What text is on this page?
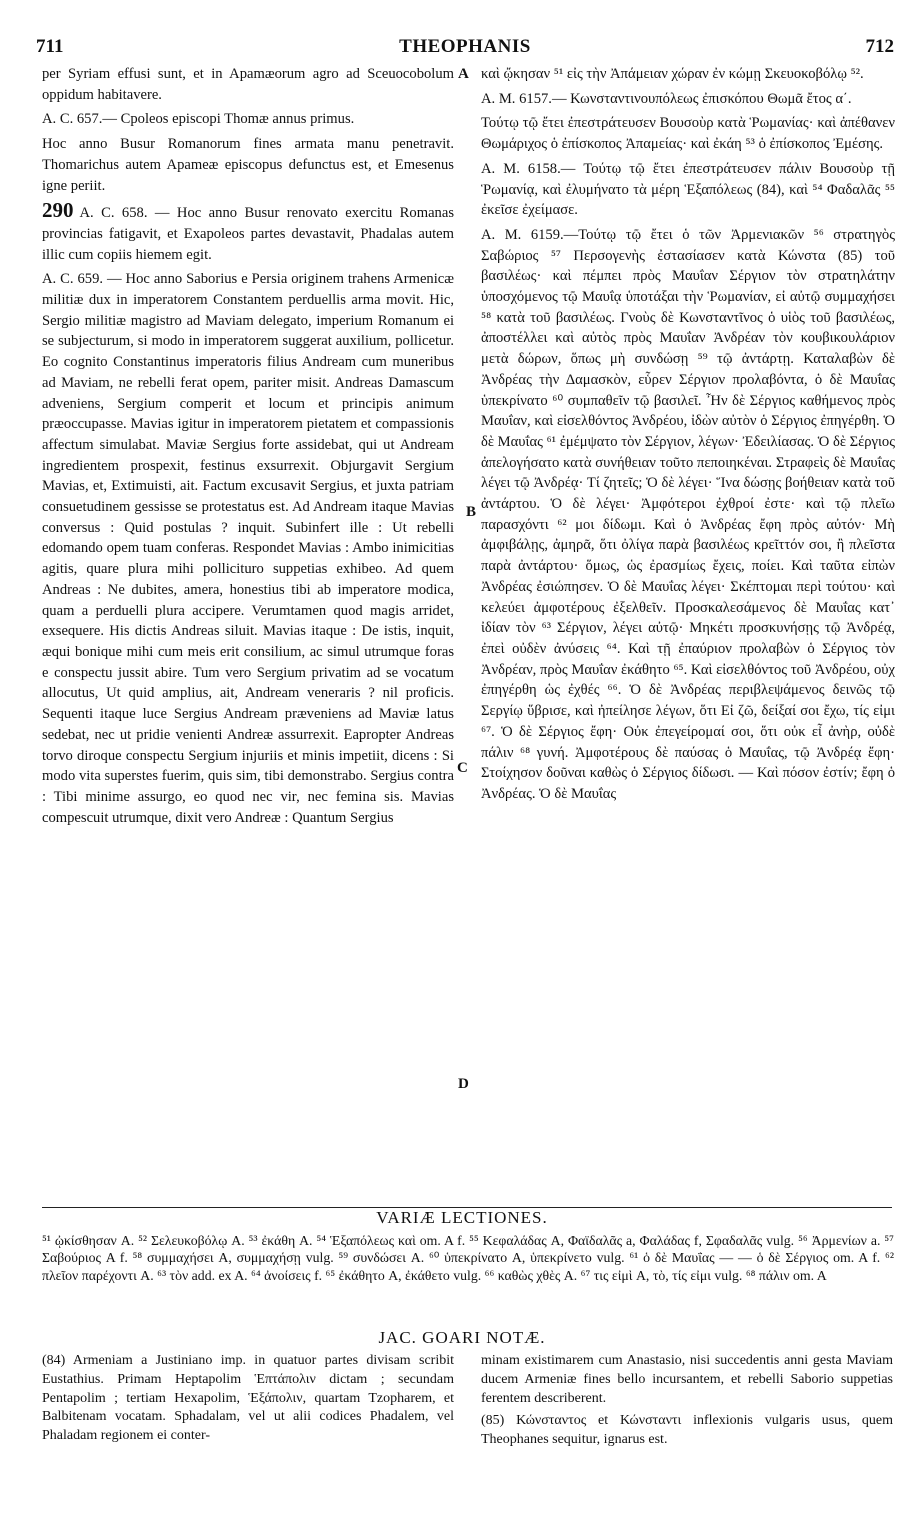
711	THEOPHANIS	712
A
B
C
D

per Syriam effusi sunt, et in Apamæorum agro ad Sceuocobolum oppidum habitavere.

A. C. 657.— Cpoleos episcopi Thomæ annus primus.

Hoc anno Busur Romanorum fines armata manu penetravit. Thomarichus autem Apameæ episcopus defunctus est, et Emesenus igne periit.

290 A. C. 658. — Hoc anno Busur renovato exercitu Romanas provincias fatigavit, et Exapoleos partes devastavit, Phadalas autem illic cum copiis hiemem egit.

A. C. 659. — Hoc anno Saborius e Persia originem trahens Armenicæ militiæ dux in imperatorem Constantem perduellis arma movit. Hic, Sergio militiæ magistro ad Maviam delegato, imperium Romanum ei se subjecturum, si modo in imperatorem suggerat auxilium, pollicetur. Eo cognito Constantinus imperatoris filius Andream cum muneribus ad Maviam, ne rebelli ferat opem, pariter misit. Andreas Damascum adveniens, Sergium comperit et locum et principis animum præoccupasse. Mavias igitur in imperatorem pietatem et compassionis affectum simulabat. Maviæ Sergius forte assidebat, qui ut Andream ingredientem prospexit, festinus exsurrexit. Objurgavit Sergium Mavias, et, Extimuisti, ait. Factum excusavit Sergius, et juxta patriam consuetudinem gessisse se protestatus est. Ad Andream itaque Mavias conversus : Quid postulas ? inquit. Subinfert ille : Ut rebelli edomando opem tuam conferas. Respondet Mavias : Ambo inimicitias agitis, quare plura mihi pollicituro suppetias exhibeo. Ad quem Andreas : Ne dubites, amera, honestius tibi ab imperatore modica, quam a perduelli plura accipere. Verumtamen quod magis arridet, exsequere. His dictis Andreas siluit. Mavias itaque : De istis, inquit, æqui bonique mihi cum meis erit consilium, ac simul utrumque foras e conspectu jussit abire. Tum vero Sergium privatim ad se vocatum allocutus, Ut quid amplius, ait, Andream veneraris ? nil proficis. Sequenti itaque luce Sergius Andream præveniens ad Maviæ latus sedebat, nec ut pridie venienti Andreæ assurrexit. Eapropter Andreas torvo diroque conspectu Sergium injuriis et minis impetiit, dicens : Si modo vita superstes fuerim, quis sim, tibi demonstrabo. Sergius contra : Tibi minime assurgo, eo quod nec vir, nec femina sis. Mavias compescuit utrumque, dixit vero Andreæ : Quantum Sergius

καὶ ᾤκησαν ⁵¹ εἰς τὴν Ἀπάμειαν χώραν ἐν κώμῃ Σκευοκοβόλῳ ⁵².

A. M. 6157.— Κωνσταντινουπόλεως ἐπισκόπου Θωμᾶ ἔτος α΄.

Τούτῳ τῷ ἔτει ἐπεστράτευσεν Βουσοὺρ κατὰ Ῥωμανίας· καὶ ἀπέθανεν Θωμάριχος ὁ ἐπίσκοπος Ἀπαμείας· καὶ ἐκάη ⁵³ ὁ ἐπίσκοπος Ἐμέσης.

A. M. 6158.— Τούτῳ τῷ ἔτει ἐπεστράτευσεν πάλιν Βουσοὺρ τῇ Ῥωμανίᾳ, καὶ ἐλυμήνατο τὰ μέρη Ἑξαπόλεως (84), καὶ ⁵⁴ Φαδαλᾶς ⁵⁵ ἐκεῖσε ἐχείμασε.

A. M. 6159.—Τούτῳ τῷ ἔτει ὁ τῶν Ἀρμενιακῶν ⁵⁶ στρατηγὸς Σαβώριος ⁵⁷ Περσογενὴς ἐστασίασεν κατὰ Κώνστα (85) τοῦ βασιλέως· καὶ πέμπει πρὸς Μαυΐαν Σέργιον τὸν στρατηλάτην ὑποσχόμενος τῷ Μαυΐᾳ ὑποτάξαι τὴν Ῥωμανίαν, εἰ αὐτῷ συμμαχήσει ⁵⁸ κατὰ τοῦ βασιλέως. Γνοὺς δὲ Κωνσταντῖνος ὁ υἱὸς τοῦ βασιλέως, ἀποστέλλει καὶ αὐτὸς πρὸς Μαυΐαν Ἀνδρέαν τὸν κουβικουλάριον μετὰ δώρων, ὅπως μὴ συνδώσῃ ⁵⁹ τῷ ἀντάρτῃ. Καταλαβὼν δὲ Ἀνδρέας τὴν Δαμασκὸν, εὗρεν Σέργιον προλαβόντα, ὁ δὲ Μαυΐας ὑπεκρίνατο ⁶⁰ συμπαθεῖν τῷ βασιλεῖ. Ἦν δὲ Σέργιος καθήμενος πρὸς Μαυΐαν, καὶ εἰσελθόντος Ἀνδρέου, ἰδὼν αὐτὸν ὁ Σέργιος ἐπηγέρθη. Ὁ δὲ Μαυΐας ⁶¹ ἐμέμψατο τὸν Σέργιον, λέγων· Ἐδειλίασας. Ὁ δὲ Σέργιος ἀπελογήσατο κατὰ συνήθειαν τοῦτο πεποιηκέναι. Στραφεὶς δὲ Μαυΐας λέγει τῷ Ἀνδρέᾳ· Τί ζητεῖς; Ὁ δὲ λέγει· Ἵνα δώσῃς βοήθειαν κατὰ τοῦ ἀντάρτου. Ὁ δὲ λέγει· Ἀμφότεροι ἐχθροί ἐστε· καὶ τῷ πλεῖω παρασχόντι ⁶² μοι δίδωμι. Καὶ ὁ Ἀνδρέας ἔφη πρὸς αὐτόν· Μὴ ἀμφιβάλῃς, ἀμηρᾶ, ὅτι ὀλίγα παρὰ βασιλέως κρεῖττόν σοι, ἢ πλεῖστα παρὰ ἀντάρτου· ὅμως, ὡς ἐρασμίως ἔχεις, ποίει. Καὶ ταῦτα εἰπὼν Ἀνδρέας ἐσιώπησεν. Ὁ δὲ Μαυΐας λέγει· Σκέπτομαι περὶ τούτου· καὶ κελεύει ἀμφοτέρους ἐξελθεῖν. Προσκαλεσάμενος δὲ Μαυΐας κατ᾽ ἰδίαν τὸν ⁶³ Σέργιον, λέγει αὐτῷ· Μηκέτι προσκυνήσῃς τῷ Ἀνδρέᾳ, ἐπεὶ οὐδὲν ἀνύσεις ⁶⁴. Καὶ τῇ ἐπαύριον προλαβὼν ὁ Σέργιος τὸν Ἀνδρέαν, πρὸς Μαυΐαν ἐκάθητο ⁶⁵. Καὶ εἰσελθόντος τοῦ Ἀνδρέου, οὐχ ἐπηγέρθη ὡς ἐχθές ⁶⁶. Ὁ δὲ Ἀνδρέας περιβλεψάμενος δεινῶς τῷ Σεργίῳ ὕβρισε, καὶ ἠπείλησε λέγων, ὅτι Εἰ ζῶ, δείξαί σοι ἔχω, τίς εἰμι ⁶⁷. Ὁ δὲ Σέργιος ἔφη· Οὐκ ἐπεγείρομαί σοι, ὅτι οὐκ εἶ ἀνὴρ, οὐδὲ πάλιν ⁶⁸ γυνή. Ἀμφοτέρους δὲ παύσας ὁ Μαυΐας, τῷ Ἀνδρέᾳ ἔφη· Στοίχησον δοῦναι καθὼς ὁ Σέργιος δίδωσι. — Καὶ πόσον ἐστίν; ἔφη ὁ Ἀνδρέας. Ὁ δὲ Μαυΐας

VARIÆ LECTIONES.
⁵¹ ᾠκίσθησαν A. ⁵² Σελευκοβόλῳ A. ⁵³ ἐκάθη A. ⁵⁴ Ἑξαπόλεως καὶ om. A f. ⁵⁵ Κεφαλάδας A, Φαϊδαλᾶς a, Φαλάδας f, Σφαδαλᾶς vulg. ⁵⁶ Ἀρμενίων a. ⁵⁷ Σαβούριος A f. ⁵⁸ συμμαχήσει A, συμμαχήσῃ vulg. ⁵⁹ συνδώσει A. ⁶⁰ ὑπεκρίνατο A, ὑπεκρίνετο vulg. ⁶¹ ὁ δὲ Μαυΐας — — ὁ δὲ Σέργιος om. A f. ⁶² πλεῖον παρέχοντι A. ⁶³ τὸν add. ex A. ⁶⁴ ἀνοίσεις f. ⁶⁵ ἐκάθητο A, ἐκάθετο vulg. ⁶⁶ καθὼς χθὲς A. ⁶⁷ τις εἰμὶ A, τὸ, τίς εἰμι vulg. ⁶⁸ πάλιν om. A
JAC. GOARI NOTÆ.

(84) Armeniam a Justiniano imp. in quatuor partes divisam scribit Eustathius. Primam Heptapolim Ἑπτάπολιν dictam ; secundam Pentapolim ; tertiam Hexapolim, Ἑξάπολιν, quartam Tzopharem, et Balbitenam vocatam. Sphadalam, vel ut alii codices Phadalem, vel Phaladam regionem ei conter-

minam existimarem cum Anastasio, nisi succedentis anni gesta Maviam ducem Armeniæ fines bello incursantem, et rebelli Saborio suppetias ferentem describerent.

(85) Κώνσταντος et Κώνσταντι inflexionis vulgaris usus, quem Theophanes sequitur, ignarus est.
